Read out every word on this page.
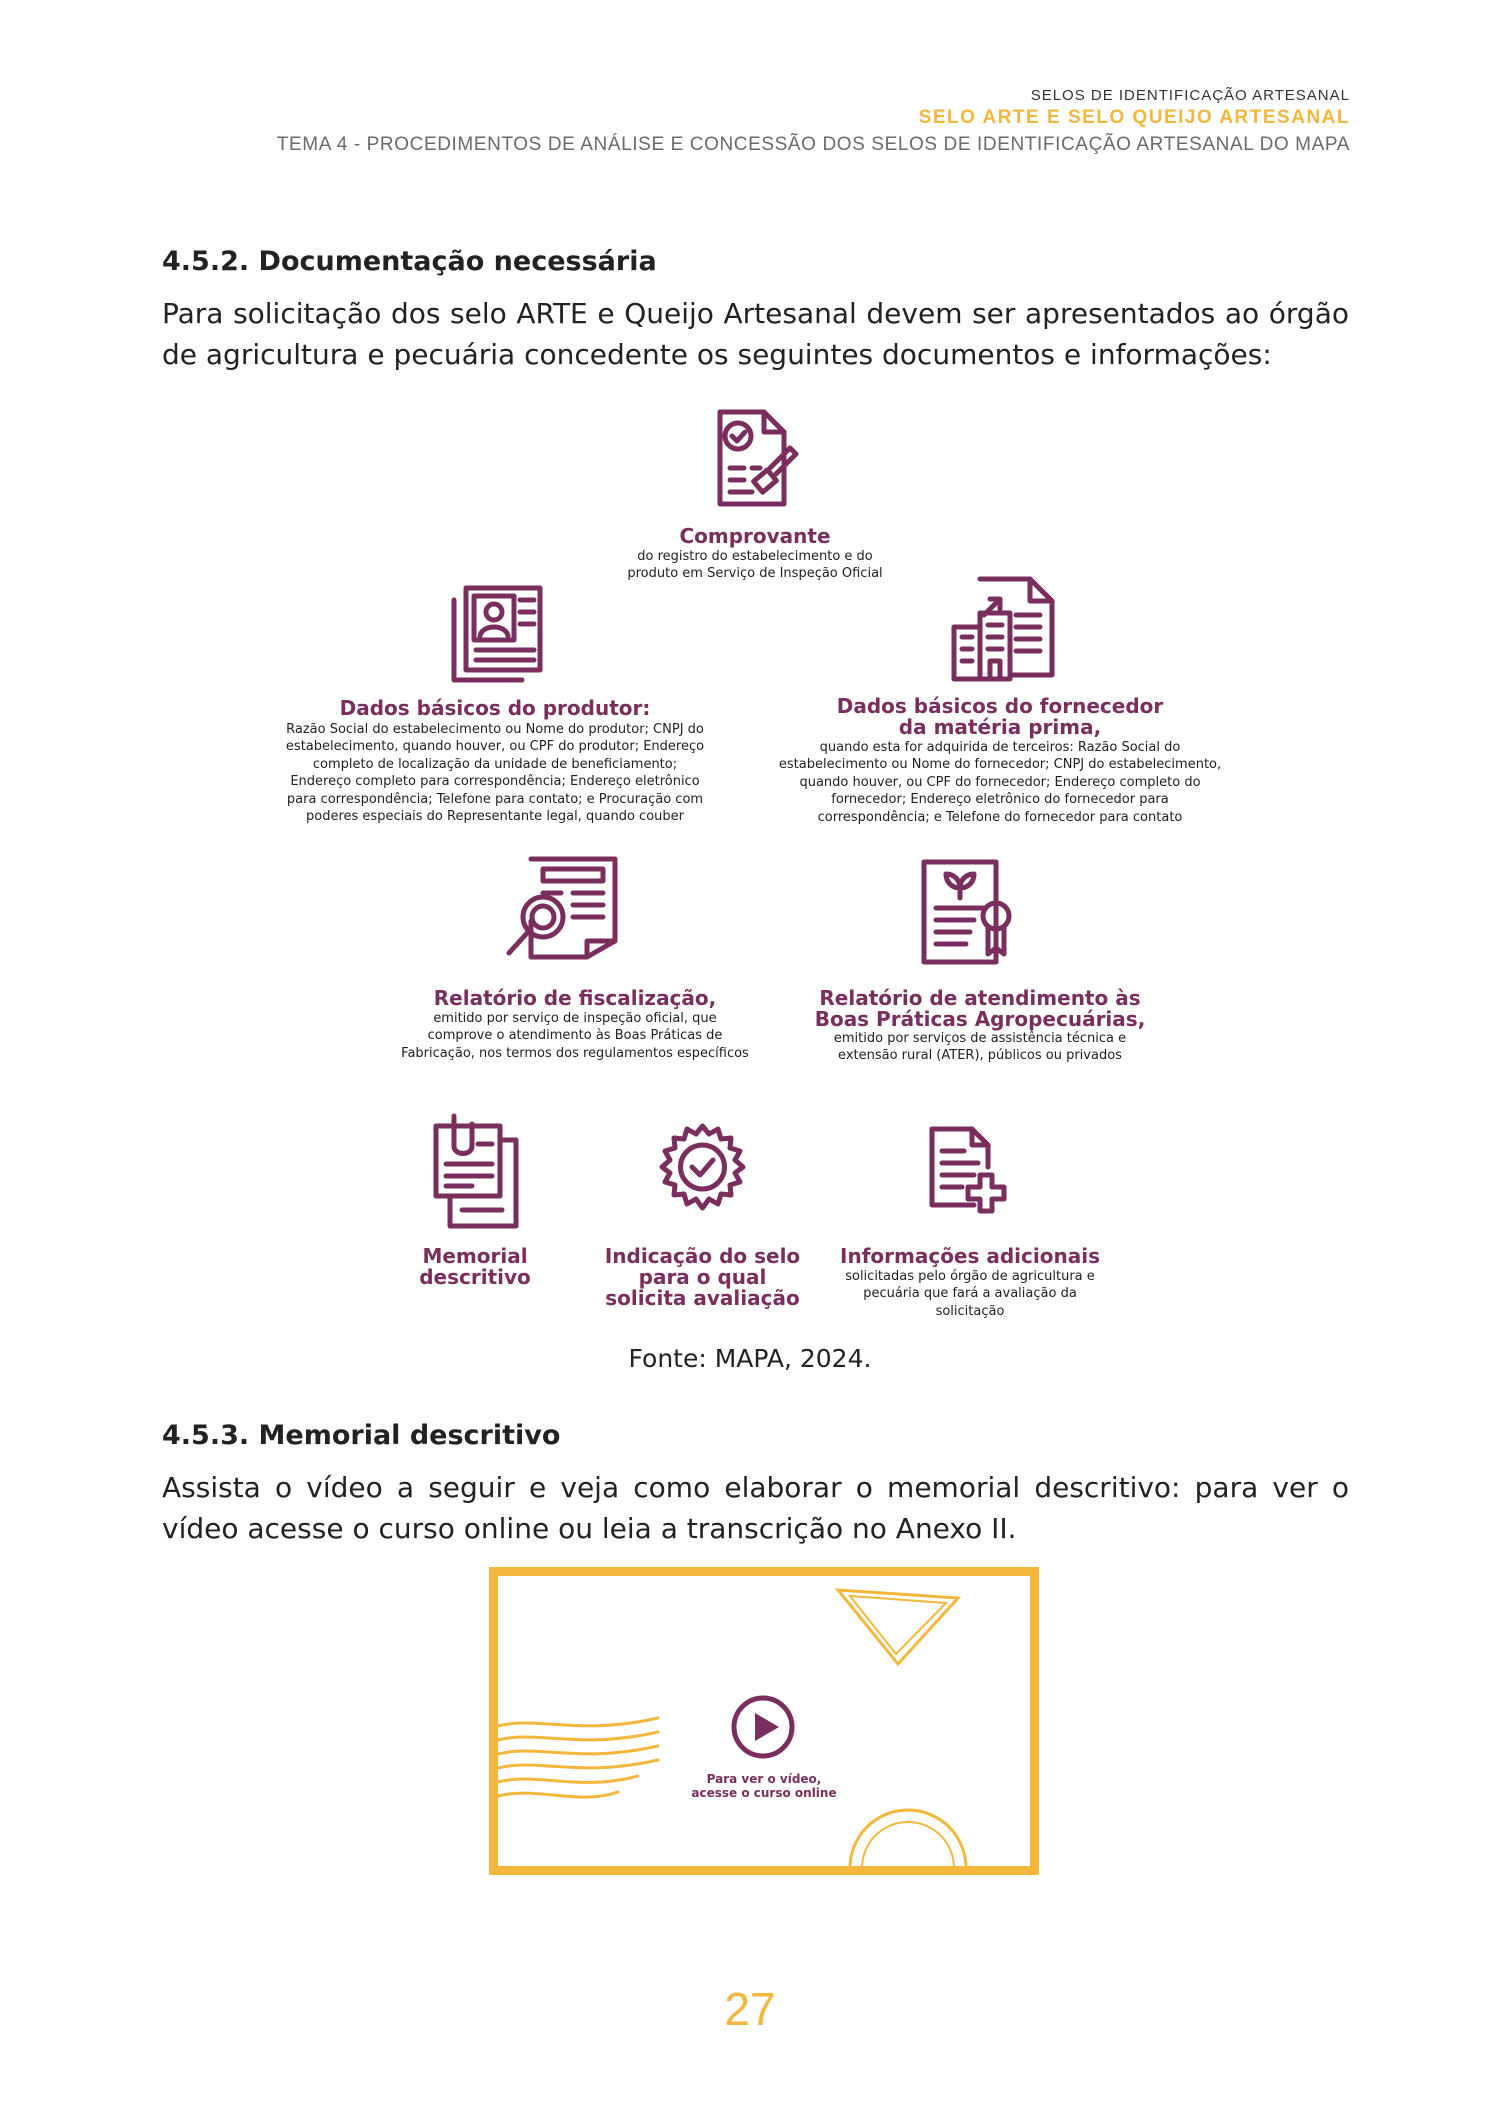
SELOS DE IDENTIFICAÇÃO ARTESANAL
SELO ARTE E SELO QUEIJO ARTESANAL
TEMA 4 - PROCEDIMENTOS DE ANÁLISE E CONCESSÃO DOS SELOS DE IDENTIFICAÇÃO ARTESANAL DO MAPA
4.5.2. Documentação necessária

Para solicitação dos selo ARTE e Queijo Artesanal devem ser apresentados ao órgão de agricultura e pecuária concedente os seguintes documentos e informações:

Comprovante
do registro do estabelecimento e do
produto em Serviço de Inspeção Oficial
Dados básicos do produtor:
Razão Social do estabelecimento ou Nome do produtor; CNPJ do
estabelecimento, quando houver, ou CPF do produtor; Endereço
completo de localização da unidade de beneficiamento;
Endereço completo para correspondência; Endereço eletrônico
para correspondência; Telefone para contato; e Procuração com
poderes especiais do Representante legal, quando couber
Dados básicos do fornecedor
da matéria prima,
quando esta for adquirida de terceiros: Razão Social do
estabelecimento ou Nome do fornecedor; CNPJ do estabelecimento,
quando houver, ou CPF do fornecedor; Endereço completo do
fornecedor; Endereço eletrônico do fornecedor para
correspondência; e Telefone do fornecedor para contato
Relatório de fiscalização,
emitido por serviço de inspeção oficial, que
comprove o atendimento às Boas Práticas de
Fabricação, nos termos dos regulamentos específicos
Relatório de atendimento às
Boas Práticas Agropecuárias,
emitido por serviços de assistência técnica e
extensão rural (ATER), públicos ou privados
Memorial
descritivo
Indicação do selo
para o qual
solicita avaliação
Informações adicionais
solicitadas pelo órgão de agricultura e
pecuária que fará a avaliação da
solicitação
Fonte: MAPA, 2024.
4.5.3. Memorial descritivo

Assista o vídeo a seguir e veja como elaborar o memorial descritivo: para ver o vídeo acesse o curso online ou leia a transcrição no Anexo II.

Para ver o vídeo,
acesse o curso online
27
